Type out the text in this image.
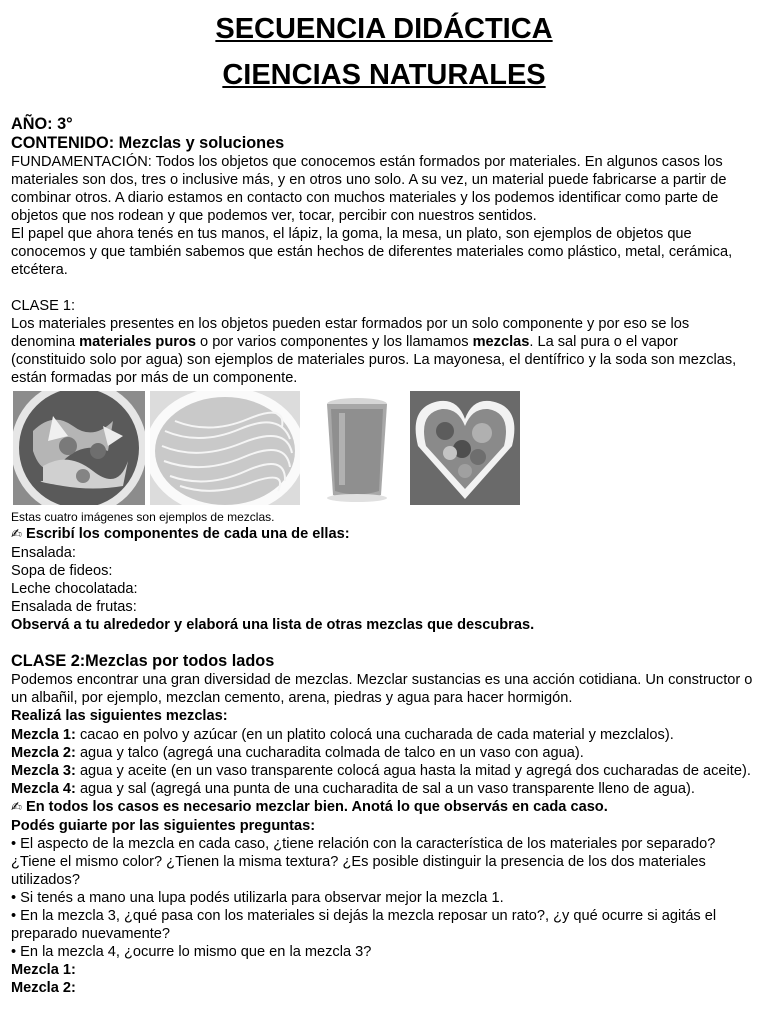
SECUENCIA DIDÁCTICA

CIENCIAS NATURALES

AÑO: 3°

CONTENIDO: Mezclas y soluciones

FUNDAMENTACIÓN: Todos los objetos que conocemos están formados por materiales. En algunos casos los materiales son dos, tres o inclusive más, y en otros uno solo. A su vez, un material puede fabricarse a partir de combinar otros. A diario estamos en contacto con muchos materiales y los podemos identificar como parte de objetos que nos rodean y que podemos ver, tocar, percibir con nuestros sentidos.

El papel que ahora tenés en tus manos, el lápiz, la goma, la mesa, un plato, son ejemplos de objetos que conocemos y que también sabemos que están hechos de diferentes materiales como plástico, metal, cerámica, etcétera.

CLASE 1:

Los materiales presentes en los objetos pueden estar formados por un solo componente y por eso se los denomina materiales puros o por varios componentes y los llamamos mezclas. La sal pura o el vapor (constituido solo por agua) son ejemplos de materiales puros. La mayonesa, el dentífrico y la soda son mezclas, están formadas por más de un componente.

Estas cuatro imágenes son ejemplos de mezclas.

✍ Escribí los componentes de cada una de ellas:

Ensalada:

Sopa de fideos:

Leche chocolatada:

Ensalada de frutas:

Observá a tu alrededor y elaborá una lista de otras mezclas que descubras.

CLASE 2:Mezclas por todos lados

Podemos encontrar una gran diversidad de mezclas. Mezclar sustancias es una acción cotidiana. Un constructor o un albañil, por ejemplo, mezclan cemento, arena, piedras y agua para hacer hormigón.

Realizá las siguientes mezclas:

Mezcla 1: cacao en polvo y azúcar (en un platito colocá una cucharada de cada material y mezclalos).

Mezcla 2: agua y talco (agregá una cucharadita colmada de talco en un vaso con agua).

Mezcla 3: agua y aceite (en un vaso transparente colocá agua hasta la mitad y agregá dos cucharadas de aceite).

Mezcla 4: agua y sal (agregá una punta de una cucharadita de sal a un vaso transparente lleno de agua).

✍ En todos los casos es necesario mezclar bien. Anotá lo que observás en cada caso.

Podés guiarte por las siguientes preguntas:

• El aspecto de la mezcla en cada caso, ¿tiene relación con la característica de los materiales por separado? ¿Tiene el mismo color? ¿Tienen la misma textura? ¿Es posible distinguir la presencia de los dos materiales utilizados?

• Si tenés a mano una lupa podés utilizarla para observar mejor la mezcla 1.

• En la mezcla 3, ¿qué pasa con los materiales si dejás la mezcla reposar un rato?, ¿y qué ocurre si agitás el preparado nuevamente?

• En la mezcla 4, ¿ocurre lo mismo que en la mezcla 3?

Mezcla 1:

Mezcla 2:
